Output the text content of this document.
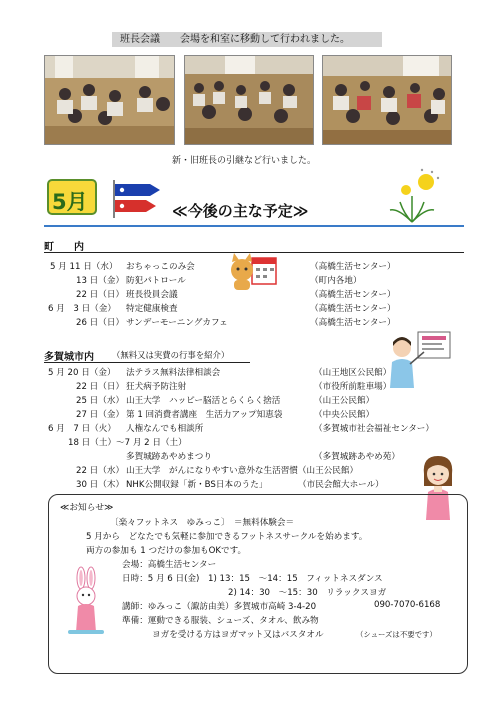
班長会議　　会場を和室に移動して行われました。
新・旧班長の引継など行いました。
5月	≪今後の主な予定≫
町　　内
5 月 11 日（水） おちゃっこのみ会	（高橋生活センター）
13 日（金） 防犯パトロール	（町内各地）
22 日（日） 班長役員会議	（高橋生活センター）
6 月　3 日（金） 特定健康検査	（高橋生活センター）
26 日（日） サンデーモーニングカフェ	（高橋生活センター）
多賀城市内 （無料又は実費の行事を紹介）
5 月 20 日（金） 法テラス無料法律相談会	（山王地区公民館）
22 日（日） 狂犬病予防注射	（市役所前駐車場）
25 日（水） 山王大学　ハッピー脳活とらくらく捨活	（山王公民館）
27 日（金） 第 1 回消費者講座　生活力アップ知恵袋	（中央公民館）
6 月　7 日（火） 人権なんでも相談所	（多賀城市社会福祉センター）
18 日（土）～7 月 2 日（土）
多賀城跡あやめまつり	（多賀城跡あやめ苑）
22 日（水） 山王大学　がんになりやすい意外な生活習慣（山王公民館）
30 日（木） NHK公開収録「新・BS日本のうた」	（市民会館大ホール）
≪お知らせ≫
〔楽々フットネス　ゆみっこ〕　＝無料体験会＝
5 月から　どなたでも気軽に参加できるフットネスサークルを始めます。
両方の参加も 1 つだけの参加もOKです。
会場：高橋生活センター
日時：5 月 6 日(金)　1) 13：15　～14：15　フィットネスダンス
2) 14：30　～15：30　リラックスヨガ
講師：ゆみっこ（諏訪由美）多賀城市高崎 3-4-20	090-7070-6168
準備：運動できる服装、シューズ、タオル、飲み物
ヨガを受ける方はヨガマット又はバスタオル	（シューズは不要です）
